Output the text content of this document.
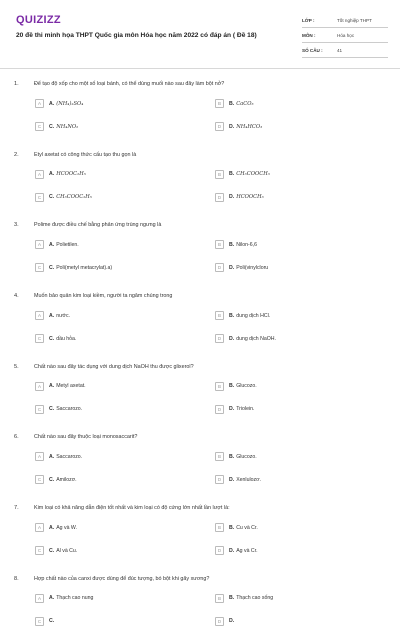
QUIZIZZ
20 đề thi minh họa THPT Quốc gia môn Hóa học năm 2022 có đáp án ( Đề 18)
LỚP :	Tốt nghiệp THPT
MÔN :	Hóa học
SỐ CÂU :	41
1.	Để tạo độ xốp cho một số loại bánh, có thể dùng muối nào sau đây làm bột nở?
A	A. (NH₄)₂SO₄	B	B. CaCO₃
C	C. NH₄NO₂	D	D. NH₄HCO₃
2.	Etyl axetat có công thức cấu tạo thu gọn là
A	A. HCOOC₂H₅	B	B. CH₃COOCH₃
C	C. CH₃COOC₂H₅	D	D. HCOOCH₃
3.	Polime được điều chế bằng phản ứng trùng ngưng là
A	A. Polietilen.	B	B. Nilon-6,6
C	C. Poli(metyl metacrylat).a)	D	D. Poli(vinylcloru
4.	Muốn bảo quản kim loại kiềm, người ta ngâm chúng trong
A	A. nước.	B	B. dung dịch HCl.
C	C. dầu hỏa.	D	D. dung dịch NaOH.
5.	Chất nào sau đây tác dụng với dung dịch NaOH thu được glixerol?
A	A. Metyl axetat.	B	B. Glucozo.
C	C. Saccarozo.	D	D. Triolein.
6.	Chất nào sau đây thuộc loại monosaccarit?
A	A. Saccarozo.	B	B. Glucozo.
C	C. Amilozơ.	D	D. Xenlulozơ.
7.	Kim loại có khả năng dẫn điện tốt nhất và kim loại có độ cứng lớn nhất lần lượt là:
A	A. Ag và W.	B	B. Cu và Cr.
C	C. Al và Cu.	D	D. Ag và Cr.
8.	Hợp chất nào của canxi được dùng để đúc tượng, bó bột khi gãy xương?
A	A. Thạch cao nung	B	B. Thạch cao sống
C	C.	D	D.
